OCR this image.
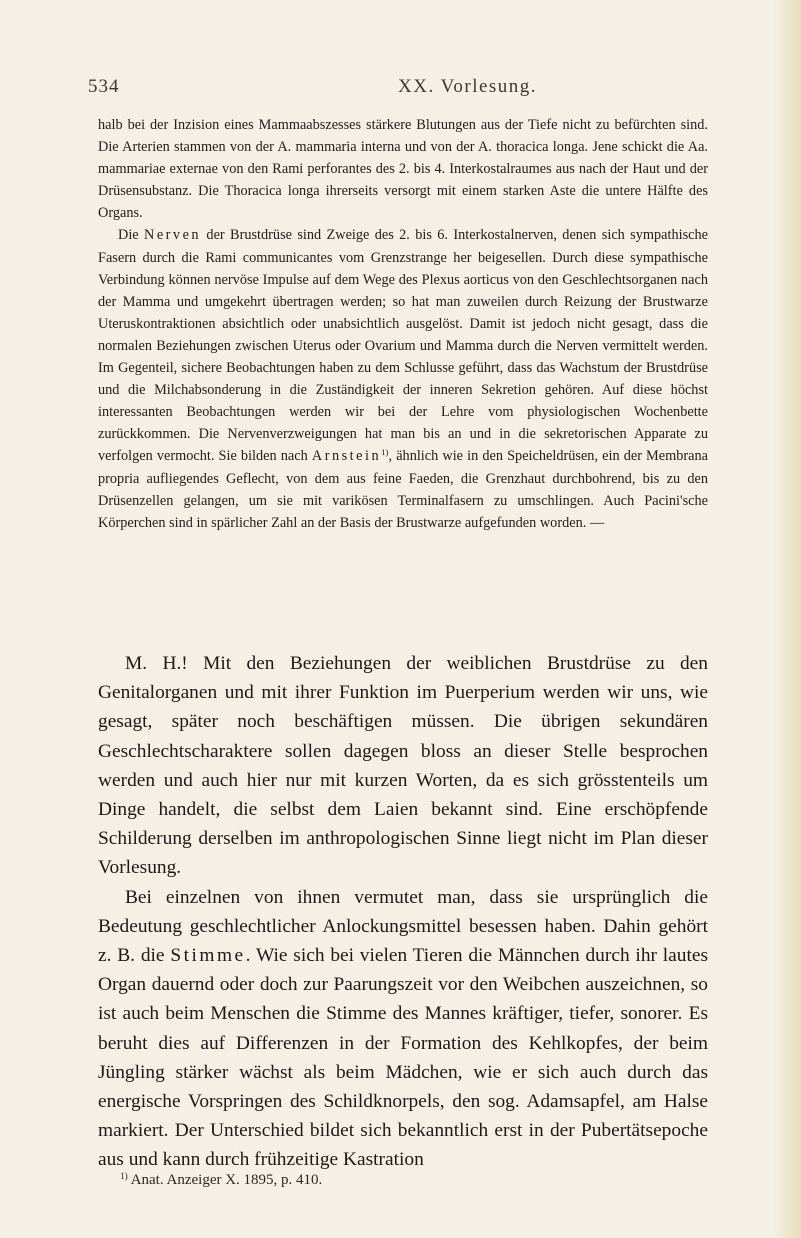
534	XX. Vorlesung.

halb bei der Inzision eines Mammaabszesses stärkere Blutungen aus der Tiefe nicht zu befürchten sind. Die Arterien stammen von der A. mammaria interna und von der A. thoracica longa. Jene schickt die Aa. mammariae externae von den Rami perforantes des 2. bis 4. Interkostalraumes aus nach der Haut und der Drüsensubstanz. Die Thoracica longa ihrerseits versorgt mit einem starken Aste die untere Hälfte des Organs.

Die Nerven der Brustdrüse sind Zweige des 2. bis 6. Interkostalnerven, denen sich sympathische Fasern durch die Rami communicantes vom Grenzstrange her beigesellen. Durch diese sympathische Verbindung können nervöse Impulse auf dem Wege des Plexus aorticus von den Geschlechtsorganen nach der Mamma und umgekehrt übertragen werden; so hat man zuweilen durch Reizung der Brustwarze Uteruskontraktionen absichtlich oder unabsichtlich ausgelöst. Damit ist jedoch nicht gesagt, dass die normalen Beziehungen zwischen Uterus oder Ovarium und Mamma durch die Nerven vermittelt werden. Im Gegenteil, sichere Beobachtungen haben zu dem Schlusse geführt, dass das Wachstum der Brustdrüse und die Milchabsonderung in die Zuständigkeit der inneren Sekretion gehören. Auf diese höchst interessanten Beobachtungen werden wir bei der Lehre vom physiologischen Wochenbette zurückkommen. Die Nervenverzweigungen hat man bis an und in die sekretorischen Apparate zu verfolgen vermocht. Sie bilden nach Arnstein$^{1)}$, ähnlich wie in den Speicheldrüsen, ein der Membrana propria aufliegendes Geflecht, von dem aus feine Faeden, die Grenzhaut durchbohrend, bis zu den Drüsenzellen gelangen, um sie mit varikösen Terminalfasern zu umschlingen. Auch Pacini'sche Körperchen sind in spärlicher Zahl an der Basis der Brustwarze aufgefunden worden. —

M. H.! Mit den Beziehungen der weiblichen Brustdrüse zu den Genitalorganen und mit ihrer Funktion im Puerperium werden wir uns, wie gesagt, später noch beschäftigen müssen. Die übrigen sekundären Geschlechtscharaktere sollen dagegen bloss an dieser Stelle besprochen werden und auch hier nur mit kurzen Worten, da es sich grösstenteils um Dinge handelt, die selbst dem Laien bekannt sind. Eine erschöpfende Schilderung derselben im anthropologischen Sinne liegt nicht im Plan dieser Vorlesung.

Bei einzelnen von ihnen vermutet man, dass sie ursprünglich die Bedeutung geschlechtlicher Anlockungsmittel besessen haben. Dahin gehört z. B. die Stimme. Wie sich bei vielen Tieren die Männchen durch ihr lautes Organ dauernd oder doch zur Paarungszeit vor den Weibchen auszeichnen, so ist auch beim Menschen die Stimme des Mannes kräftiger, tiefer, sonorer. Es beruht dies auf Differenzen in der Formation des Kehlkopfes, der beim Jüngling stärker wächst als beim Mädchen, wie er sich auch durch das energische Vorspringen des Schildknorpels, den sog. Adamsapfel, am Halse markiert. Der Unterschied bildet sich bekanntlich erst in der Pubertätsepoche aus und kann durch frühzeitige Kastration

$^{1)}$ Anat. Anzeiger X. 1895, p. 410.
